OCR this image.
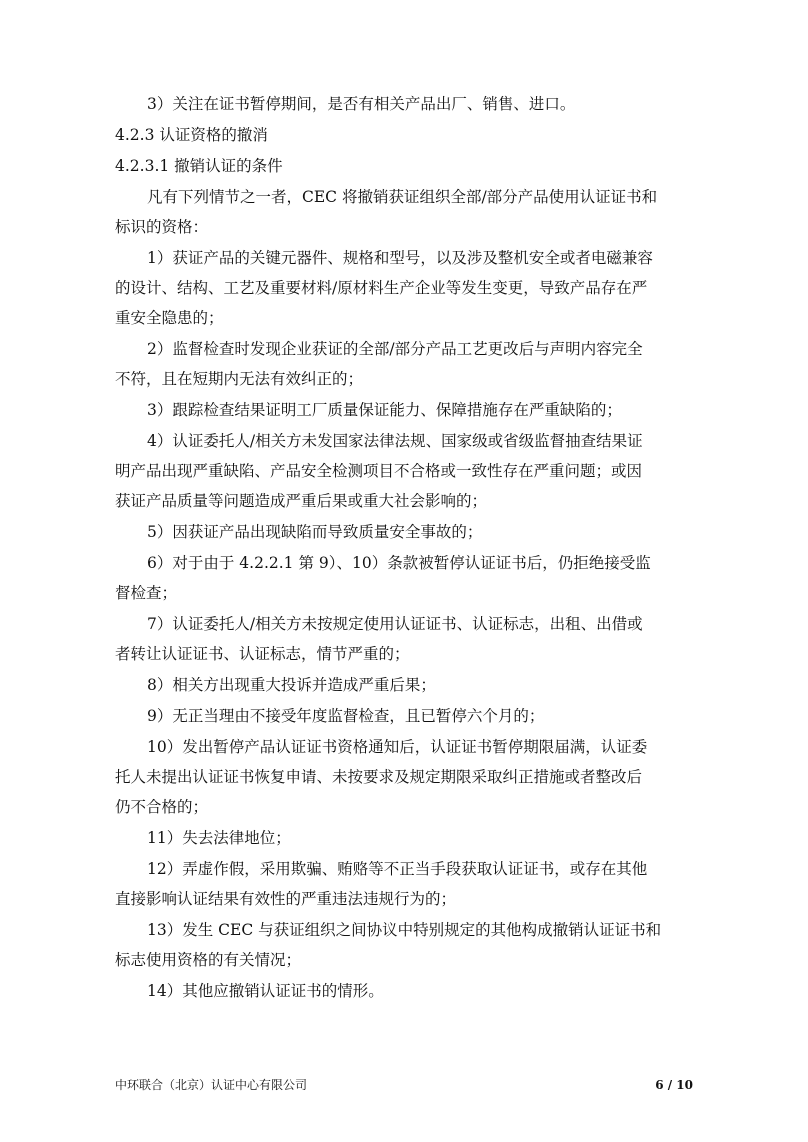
3）关注在证书暂停期间，是否有相关产品出厂、销售、进口。
4.2.3 认证资格的撤消
4.2.3.1 撤销认证的条件
凡有下列情节之一者，CEC 将撤销获证组织全部/部分产品使用认证证书和
标识的资格：
1）获证产品的关键元器件、规格和型号，以及涉及整机安全或者电磁兼容
的设计、结构、工艺及重要材料/原材料生产企业等发生变更，导致产品存在严
重安全隐患的；
2）监督检查时发现企业获证的全部/部分产品工艺更改后与声明内容完全
不符，且在短期内无法有效纠正的；
3）跟踪检查结果证明工厂质量保证能力、保障措施存在严重缺陷的；
4）认证委托人/相关方未发国家法律法规、国家级或省级监督抽查结果证
明产品出现严重缺陷、产品安全检测项目不合格或一致性存在严重问题；或因
获证产品质量等问题造成严重后果或重大社会影响的；
5）因获证产品出现缺陷而导致质量安全事故的；
6）对于由于 4.2.2.1 第 9）、10）条款被暂停认证证书后，仍拒绝接受监
督检查；
7）认证委托人/相关方未按规定使用认证证书、认证标志，出租、出借或
者转让认证证书、认证标志，情节严重的；
8）相关方出现重大投诉并造成严重后果；
9）无正当理由不接受年度监督检查，且已暂停六个月的；
10）发出暂停产品认证证书资格通知后，认证证书暂停期限届满，认证委
托人未提出认证证书恢复申请、未按要求及规定期限采取纠正措施或者整改后
仍不合格的；
11）失去法律地位；
12）弄虚作假，采用欺骗、贿赂等不正当手段获取认证证书，或存在其他
直接影响认证结果有效性的严重违法违规行为的；
13）发生 CEC 与获证组织之间协议中特别规定的其他构成撤销认证证书和
标志使用资格的有关情况；
14）其他应撤销认证证书的情形。
中环联合（北京）认证中心有限公司	6 / 10
